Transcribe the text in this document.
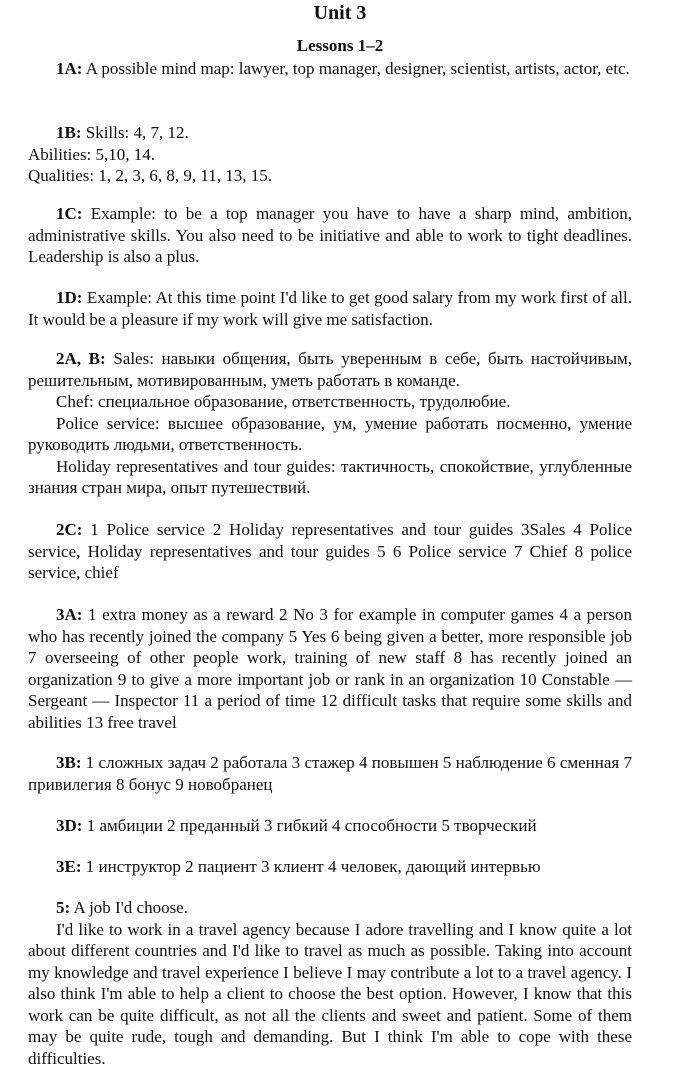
Unit 3
Lessons 1–2

1A: A possible mind map: lawyer, top manager, designer, scientist, artists, actor, etc.

1B: Skills: 4, 7, 12.

Abilities: 5,10, 14.

Qualities: 1, 2, 3, 6, 8, 9, 11, 13, 15.

1C: Example: to be a top manager you have to have a sharp mind, ambition, administrative skills. You also need to be initiative and able to work to tight deadlines. Leadership is also a plus.

1D: Example: At this time point I'd like to get good salary from my work first of all. It would be a pleasure if my work will give me satisfaction.

2A, B: Sales: навыки общения, быть уверенным в себе, быть настойчивым, решительным, мотивированным, уметь работать в команде.

Chef: специальное образование, ответственность, трудолюбие.

Police service: высшее образование, ум, умение работать посменно, умение руководить людьми, ответственность.

Holiday representatives and tour guides: тактичность, спокойствие, углубленные знания стран мира, опыт путешествий.

2C: 1 Police service 2 Holiday representatives and tour guides 3Sales 4 Police service, Holiday representatives and tour guides 5 6 Police service 7 Chief 8 police service, chief

3A: 1 extra money as a reward 2 No 3 for example in computer games 4 a person who has recently joined the company 5 Yes 6 being given a better, more responsible job 7 overseeing of other people work, training of new staff 8 has recently joined an organization 9 to give a more important job or rank in an organization 10 Constable — Sergeant — Inspector 11 a period of time 12 difficult tasks that require some skills and abilities 13 free travel

3B: 1 сложных задач 2 работала 3 стажер 4 повышен 5 наблюдение 6 сменная 7 привилегия 8 бонус 9 новобранец

3D: 1 амбиции 2 преданный 3 гибкий 4 способности 5 творческий

3E: 1 инструктор 2 пациент 3 клиент 4 человек, дающий интервью

5: A job I'd choose.

I'd like to work in a travel agency because I adore travelling and I know quite a lot about different countries and I'd like to travel as much as possible. Taking into account my knowledge and travel experience I believe I may contribute a lot to a travel agency. I also think I'm able to help a client to choose the best option. However, I know that this work can be quite difficult, as not all the clients and sweet and patient. Some of them may be quite rude, tough and demanding. But I think I'm able to cope with these difficulties.
